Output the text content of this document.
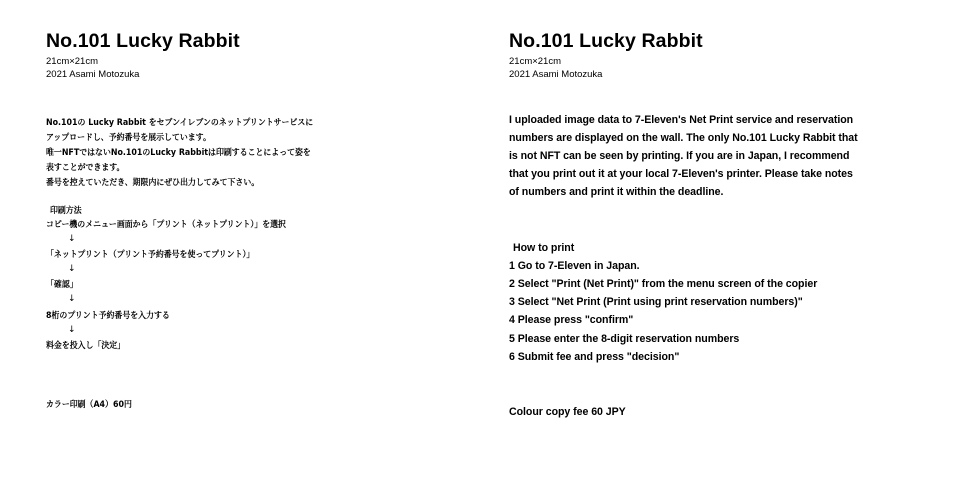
No.101 Lucky Rabbit
21cm×21cm
2021 Asami Motozuka
No.101の Lucky Rabbit をセブンイレブンのネットプリントサービスに
アップロードし、予約番号を展示しています。
唯一NFTではないNo.101のLucky Rabbitは印刷することによって姿を
表すことができます。
番号を控えていただき、期限内にぜひ出力してみて下さい。
印刷方法
コピー機のメニュー画面から「プリント（ネットプリント）」を選択
↓
「ネットプリント（プリント予約番号を使ってプリント）」
↓
「確認」
↓
8桁のプリント予約番号を入力する
↓
料金を投入し「決定」
カラー印刷（A4）60円
No.101 Lucky Rabbit
21cm×21cm
2021 Asami Motozuka
I uploaded image data to 7-Eleven's Net Print service and reservation
numbers are displayed on the wall. The only No.101 Lucky Rabbit that
is not NFT can be seen by printing. If you are in Japan, I recommend
that you print out it at your local 7-Eleven's printer. Please take notes
of numbers and print it within the deadline.
How to print
1 Go to 7-Eleven in Japan.
2 Select "Print (Net Print)" from the menu screen of the copier
3 Select "Net Print (Print using print reservation numbers)"
4 Please press "confirm"
5 Please enter the 8-digit reservation numbers
6 Submit fee and press "decision"
Colour copy fee 60 JPY
